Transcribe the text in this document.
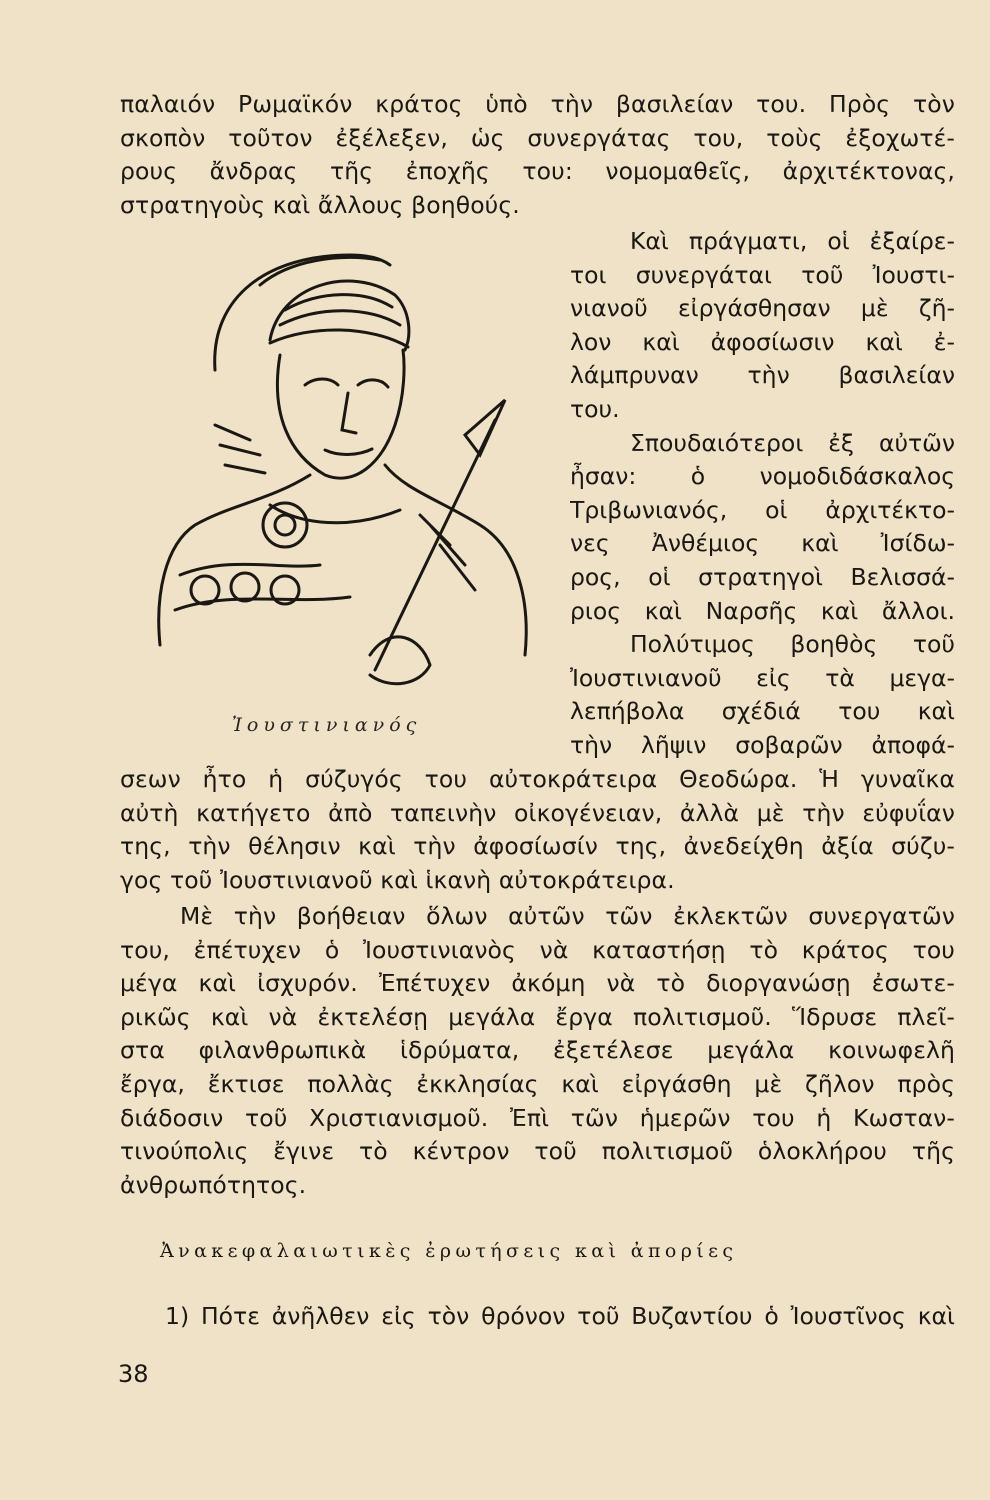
παλαιόν Ρωμαϊκόν κράτος ὑπὸ τὴν βασιλείαν του. Πρὸς τὸν
σκοπὸν τοῦτον ἐξέλεξεν, ὡς συνεργάτας του, τοὺς ἐξοχωτέ-
ρους ἄνδρας τῆς ἐποχῆς του: νομομαθεῖς, ἀρχιτέκτονας,
στρατηγοὺς καὶ ἄλλους βοηθούς.
Καὶ πράγματι, οἱ ἐξαίρε-
τοι συνεργάται τοῦ Ἰουστι-
νιανοῦ εἰργάσθησαν μὲ ζῆ-
λον καὶ ἀφοσίωσιν καὶ ἐ-
λάμπρυναν τὴν βασιλείαν
του.
Σπουδαιότεροι ἐξ αὐτῶν
ἦσαν: ὁ νομοδιδάσκαλος
Τριβωνιανός, οἱ ἀρχιτέκτο-
νες Ἀνθέμιος καὶ Ἰσίδω-
ρος, οἱ στρατηγοὶ Βελισσά-
ριος καὶ Ναρσῆς καὶ ἄλλοι.
Πολύτιμος βοηθὸς τοῦ
Ἰουστινιανοῦ εἰς τὰ μεγα-
λεπήβολα σχέδιά του καὶ
τὴν λῆψιν σοβαρῶν ἀποφά-
Ἰουστινιανός
σεων ἦτο ἡ σύζυγός του αὐτοκράτειρα Θεοδώρα. Ἡ γυναῖκα
αὐτὴ κατήγετο ἀπὸ ταπεινὴν οἰκογένειαν, ἀλλὰ μὲ τὴν εὐφυΐαν
της, τὴν θέλησιν καὶ τὴν ἀφοσίωσίν της, ἀνεδείχθη ἀξία σύζυ-
γος τοῦ Ἰουστινιανοῦ καὶ ἱκανὴ αὐτοκράτειρα.
Μὲ τὴν βοήθειαν ὅλων αὐτῶν τῶν ἐκλεκτῶν συνεργατῶν
του, ἐπέτυχεν ὁ Ἰουστινιανὸς νὰ καταστήσῃ τὸ κράτος του
μέγα καὶ ἰσχυρόν. Ἐπέτυχεν ἀκόμη νὰ τὸ διοργανώσῃ ἐσωτε-
ρικῶς καὶ νὰ ἐκτελέσῃ μεγάλα ἔργα πολιτισμοῦ. Ἵδρυσε πλεῖ-
στα φιλανθρωπικὰ ἱδρύματα, ἐξετέλεσε μεγάλα κοινωφελῆ
ἔργα, ἔκτισε πολλὰς ἐκκλησίας καὶ εἰργάσθη μὲ ζῆλον πρὸς
διάδοσιν τοῦ Χριστιανισμοῦ. Ἐπὶ τῶν ἡμερῶν του ἡ Κωσταν-
τινούπολις ἔγινε τὸ κέντρον τοῦ πολιτισμοῦ ὁλοκλήρου τῆς
ἀνθρωπότητος.
Ἀνακεφαλαιωτικὲς ἐρωτήσεις καὶ ἀπορίες
1) Πότε ἀνῆλθεν εἰς τὸν θρόνον τοῦ Βυζαντίου ὁ Ἰουστῖνος καὶ
38
